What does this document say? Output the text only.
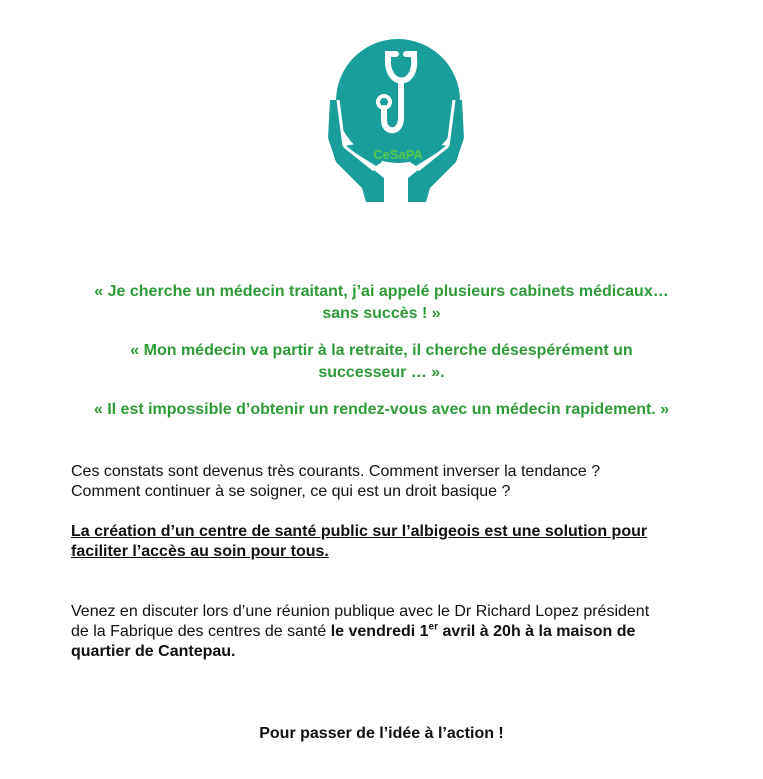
CeSaPA
« Je cherche un médecin traitant, j’ai appelé plusieurs cabinets médicaux…
sans succès ! »
« Mon médecin va partir à la retraite, il cherche désespérément un
successeur … ».
« Il est impossible d’obtenir un rendez-vous avec un médecin rapidement. »
Ces constats sont devenus très courants. Comment inverser la tendance ?
Comment continuer à se soigner, ce qui est un droit basique ?
La création d’un centre de santé public sur l’albigeois est une solution pour
faciliter l’accès au soin pour tous.
Venez en discuter lors d’une réunion publique avec le Dr Richard Lopez président
de la Fabrique des centres de santé le vendredi 1er avril à 20h à la maison de
quartier de Cantepau.
Pour passer de l’idée à l’action !
